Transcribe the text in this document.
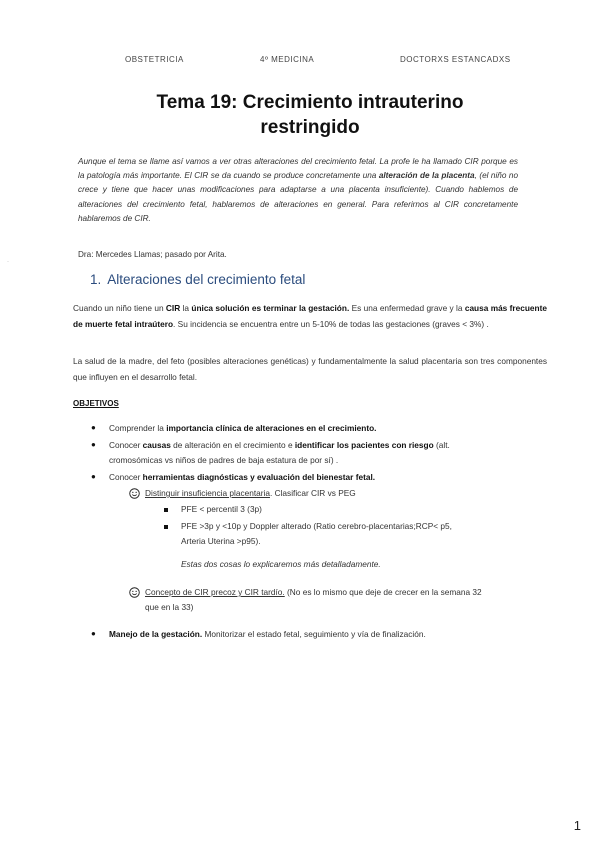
OBSTETRICIA	4º MEDICINA	DOCTORXS ESTANCADXS
Tema 19: Crecimiento intrauterino
restringido
Aunque el tema se llame así vamos a ver otras alteraciones del crecimiento fetal. La profe le ha llamado CIR porque es la patología más importante. El CIR se da cuando se produce concretamente una alteración de la placenta, (el niño no crece y tiene que hacer unas modificaciones para adaptarse a una placenta insuficiente). Cuando hablemos de alteraciones del crecimiento fetal, hablaremos de alteraciones en general. Para referirnos al CIR concretamente hablaremos de CIR.
Dra: Mercedes Llamas; pasado por Arita.
·
1. Alteraciones del crecimiento fetal
Cuando un niño tiene un CIR la única solución es terminar la gestación. Es una enfermedad grave y la causa más frecuente de muerte fetal intraútero. Su incidencia se encuentra entre un 5-10% de todas las gestaciones (graves < 3%) .
La salud de la madre, del feto (posibles alteraciones genéticas) y fundamentalmente la salud placentaria son tres componentes que influyen en el desarrollo fetal.
OBJETIVOS
● Comprender la importancia clínica de alteraciones en el crecimiento.
● Conocer causas de alteración en el crecimiento e identificar los pacientes con riesgo (alt.
cromosómicas vs niños de padres de baja estatura de por sí) .
● Conocer herramientas diagnósticas y evaluación del bienestar fetal.
Distinguir insuficiencia placentaria. Clasificar CIR vs PEG
PFE < percentil 3 (3p)
PFE >3p y <10p y Doppler alterado (Ratio cerebro-placentarias;RCP< p5,
Arteria Uterina >p95).
Estas dos cosas lo explicaremos más detalladamente.
Concepto de CIR precoz y CIR tardío. (No es lo mismo que deje de crecer en la semana 32
que en la 33)
● Manejo de la gestación. Monitorizar el estado fetal, seguimiento y vía de finalización.
1
